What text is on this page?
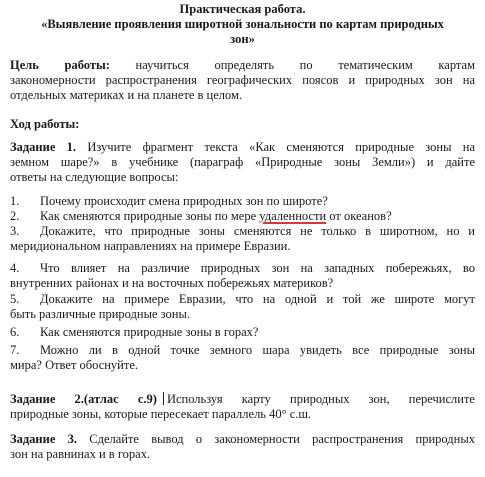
Практическая работа.
«Выявление проявления широтной зональности по картам природных
зон»
Цель работы: научиться определять по тематическим картам
закономерности распространения географических поясов и природных зон на
отдельных материках и на планете в целом.
Ход работы:
Задание 1. Изучите фрагмент текста «Как сменяются природные зоны на
земном шаре?» в учебнике (параграф «Природные зоны Земли») и дайте
ответы на следующие вопросы:
1. Почему происходит смена природных зон по широте?
2. Как сменяются природные зоны по мере удаленности от океанов?
3. Докажите, что природные зоны сменяются не только в широтном, но и
меридиональном направлениях на примере Евразии.
4. Что влияет на различие природных зон на западных побережьях, во
внутренних районах и на восточных побережьях материков?
5. Докажите на примере Евразии, что на одной и той же широте могут
быть различные природные зоны.
6. Как сменяются природные зоны в горах?
7. Можно ли в одной точке земного шара увидеть все природные зоны
мира? Ответ обоснуйте.
Задание 2.(атлас с.9) Используя карту природных зон, перечислите
природные зоны, которые пересекает параллель 40° с.ш.
Задание 3. Сделайте вывод о закономерности распространения природных
зон на равнинах и в горах.
